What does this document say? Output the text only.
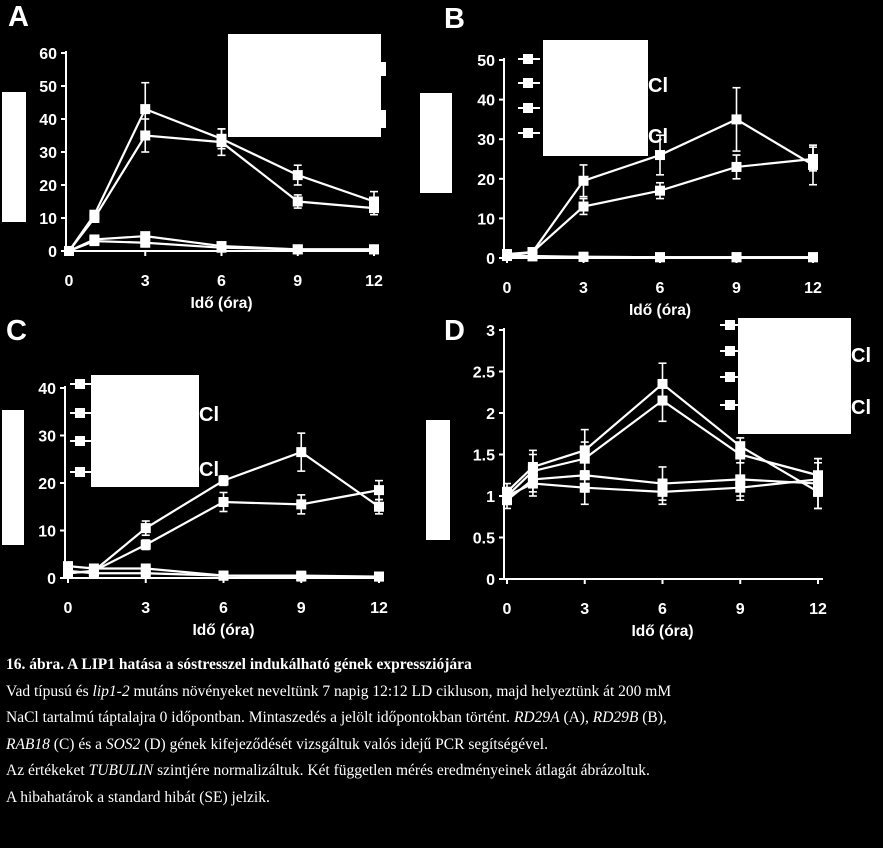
A
0
10
20
30
40
50
60
0	3	6	9	12
Idő (óra)
B
0
10
20
30
40
50
0	3	6	9	12
Idő (óra)
Cl
Cl
C
0
10
20
30
40
0	3	6	9	12
Idő (óra)
Cl
Cl
D
0
0.5
1
1.5
2
2.5
3
0	3	6	9	12
Idő (óra)
Cl
Cl
16. ábra. A LIP1 hatása a sóstresszel indukálható gének expressziójára
Vad típusú és lip1-2 mutáns növényeket neveltünk 7 napig 12:12 LD cikluson, majd helyeztünk át 200 mM
NaCl tartalmú táptalajra 0 időpontban. Mintaszedés a jelölt időpontokban történt. RD29A (A), RD29B (B),
RAB18 (C) és a SOS2 (D) gének kifejeződését vizsgáltuk valós idejű PCR segítségével.
Az értékeket TUBULIN szintjére normalizáltuk. Két független mérés eredményeinek átlagát ábrázoltuk.
A hibahatárok a standard hibát (SE) jelzik.
